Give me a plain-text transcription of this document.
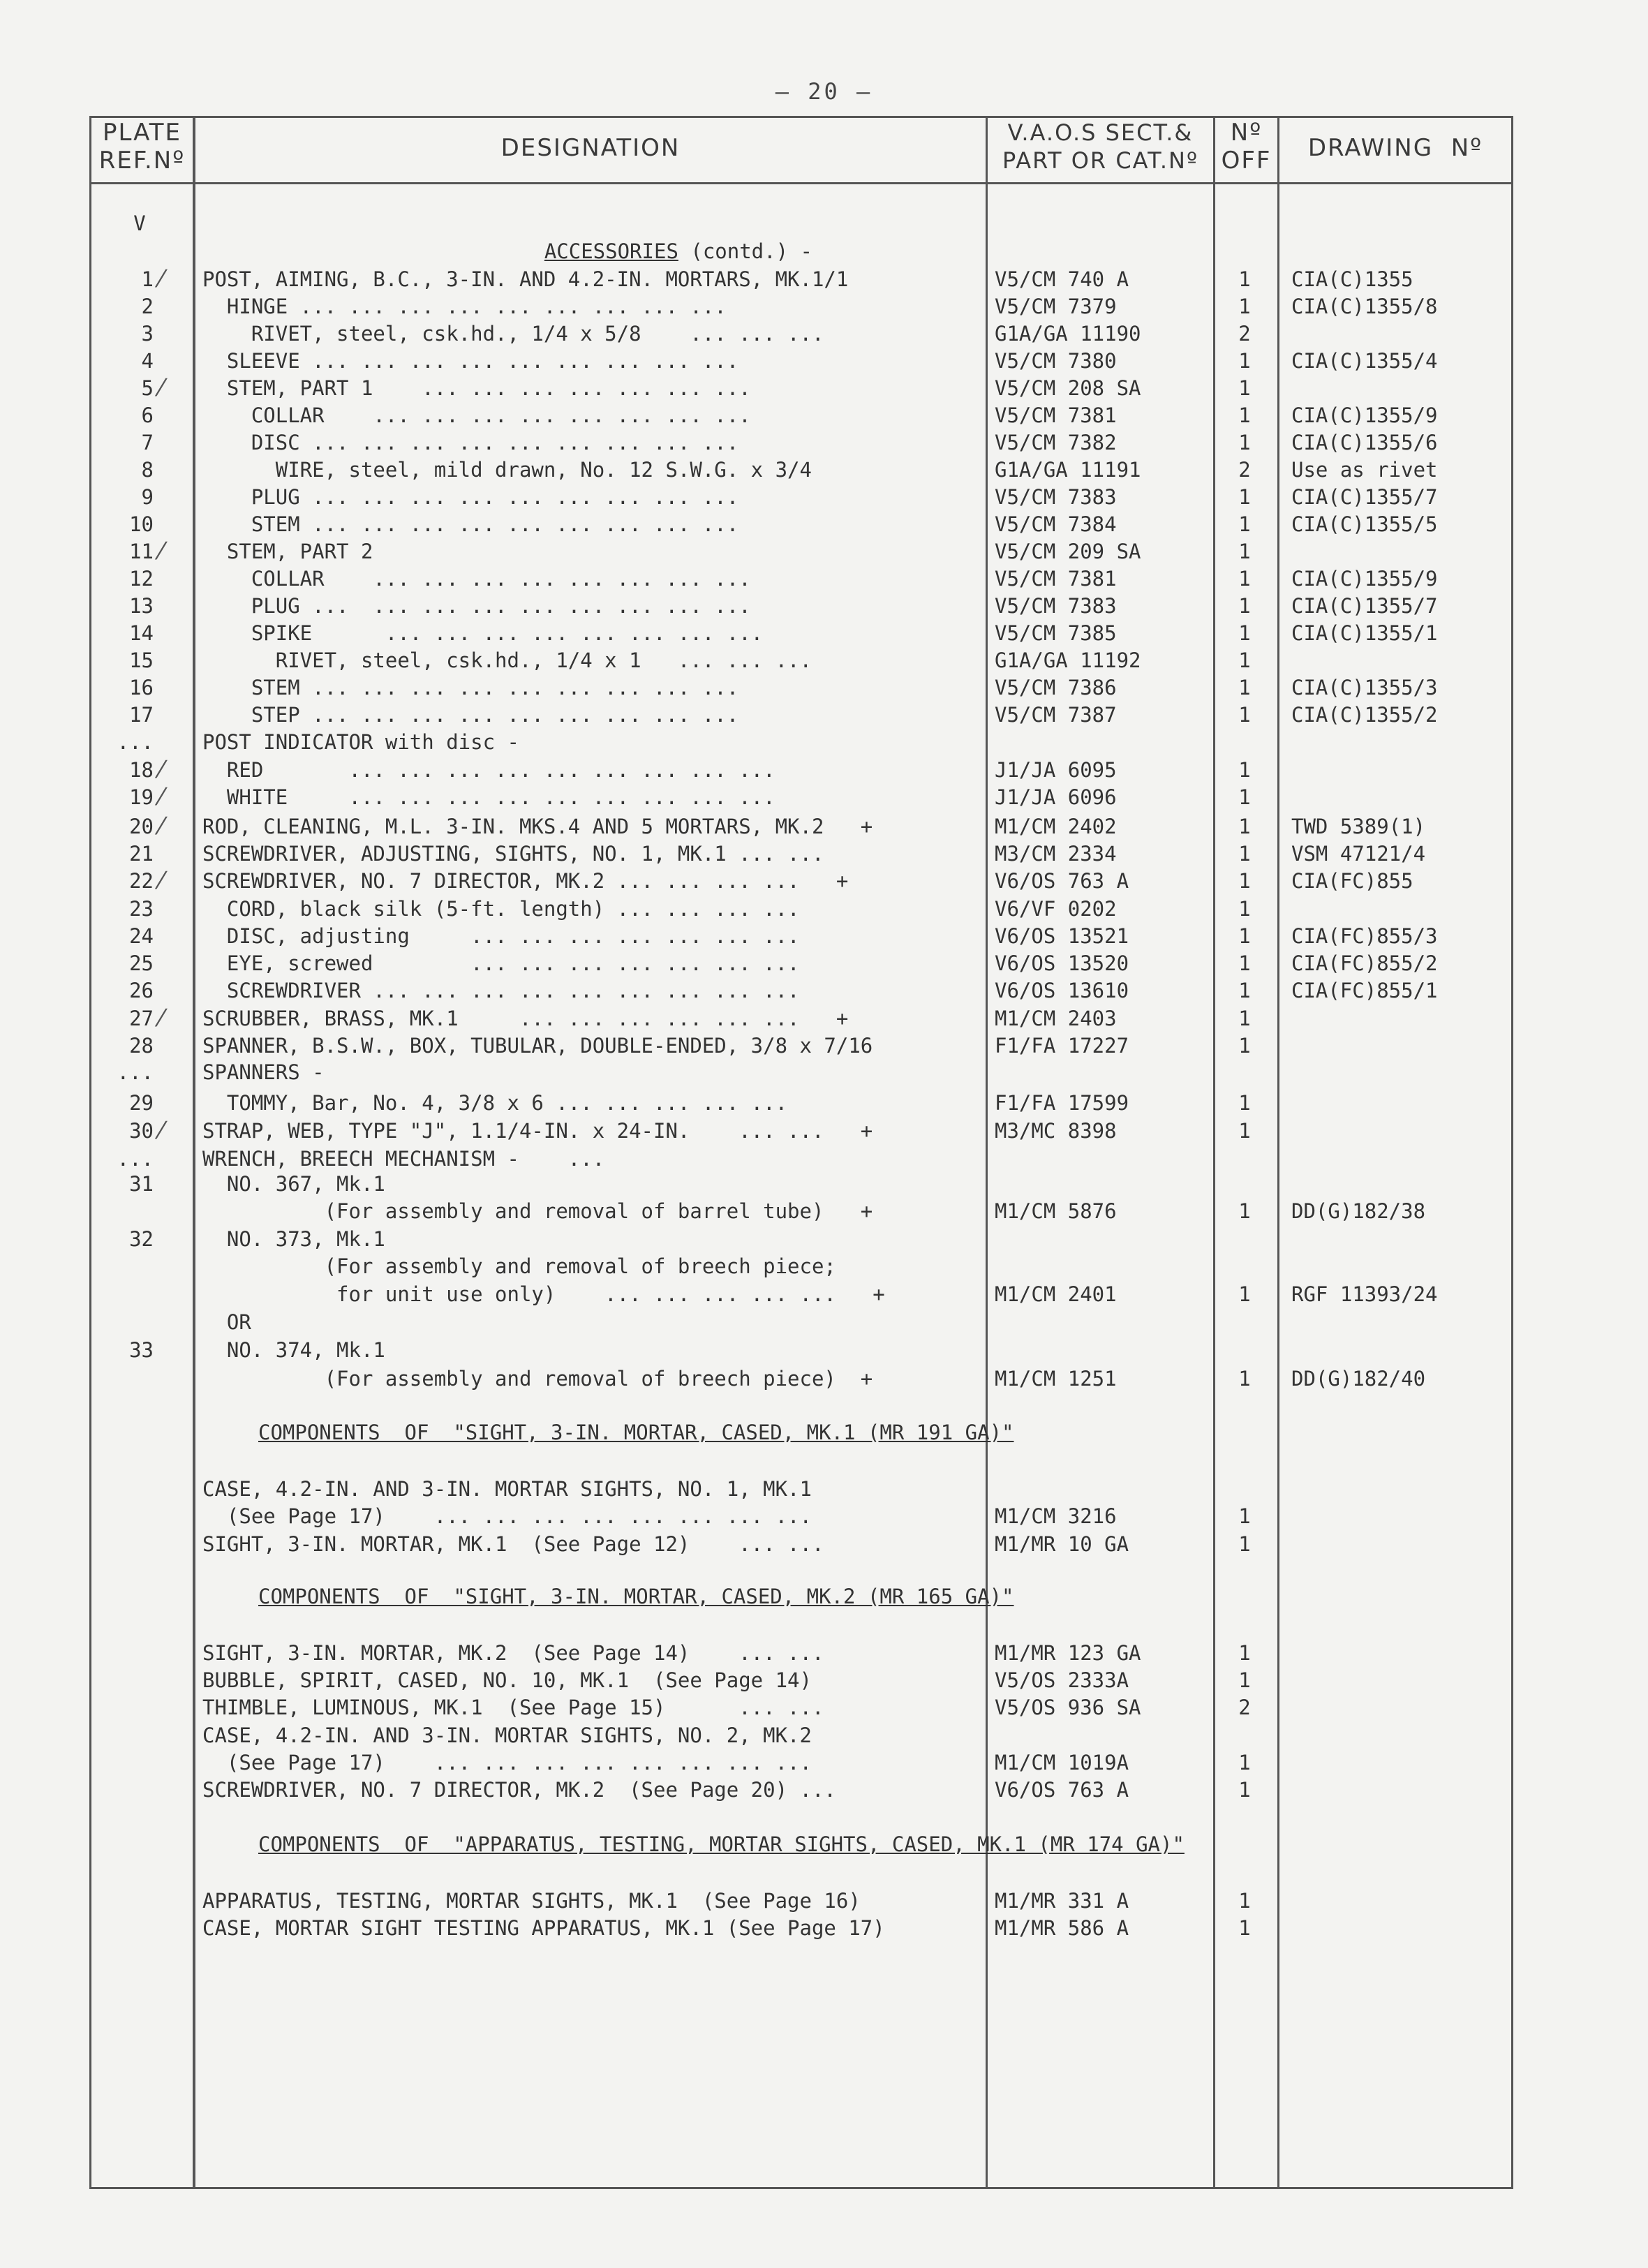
— 20 —
PLATE
REF.Nº	DESIGNATION
V.A.O.S SECT.&
PART OR CAT.Nº
Nº
OFF	DRAWING  Nº

V

ACCESSORIES (contd.) -

1 ⁄ POST, AIMING, B.C., 3-IN. AND 4.2-IN. MORTARS, MK.1/1	V5/CM 740 A	1	CIA(C)1355
2 HINGE ... ... ... ... ... ... ... ... ...	V5/CM 7379	1	CIA(C)1355/8
3 RIVET, steel, csk.hd., 1/4 x 5/8    ... ... ...	G1A/GA 11190	2
4 SLEEVE ... ... ... ... ... ... ... ... ...	V5/CM 7380	1	CIA(C)1355/4
5 ⁄ STEM, PART 1    ... ... ... ... ... ... ...	V5/CM 208 SA	1
6 COLLAR    ... ... ... ... ... ... ... ...	V5/CM 7381	1	CIA(C)1355/9
7 DISC ... ... ... ... ... ... ... ... ...	V5/CM 7382	1	CIA(C)1355/6
8 WIRE, steel, mild drawn, No. 12 S.W.G. x 3/4	G1A/GA 11191	2	Use as rivet
9 PLUG ... ... ... ... ... ... ... ... ...	V5/CM 7383	1	CIA(C)1355/7
10 STEM ... ... ... ... ... ... ... ... ...	V5/CM 7384	1	CIA(C)1355/5
11 ⁄ STEM, PART 2	V5/CM 209 SA	1
12 COLLAR    ... ... ... ... ... ... ... ...	V5/CM 7381	1	CIA(C)1355/9
13 PLUG ...  ... ... ... ... ... ... ... ...	V5/CM 7383	1	CIA(C)1355/7
14 SPIKE      ... ... ... ... ... ... ... ...	V5/CM 7385	1	CIA(C)1355/1
15 RIVET, steel, csk.hd., 1/4 x 1   ... ... ...	G1A/GA 11192	1
16 STEM ... ... ... ... ... ... ... ... ...	V5/CM 7386	1	CIA(C)1355/3
17 STEP ... ... ... ... ... ... ... ... ...	V5/CM 7387	1	CIA(C)1355/2
... POST INDICATOR with disc -
18 ⁄ RED       ... ... ... ... ... ... ... ... ...	J1/JA 6095	1
19 ⁄ WHITE     ... ... ... ... ... ... ... ... ...	J1/JA 6096	1
20 ⁄ ROD, CLEANING, M.L. 3-IN. MKS.4 AND 5 MORTARS, MK.2   +	M1/CM 2402	1	TWD 5389(1)
21 SCREWDRIVER, ADJUSTING, SIGHTS, NO. 1, MK.1 ... ...	M3/CM 2334	1	VSM 47121/4
22 ⁄ SCREWDRIVER, NO. 7 DIRECTOR, MK.2 ... ... ... ...   +	V6/OS 763 A	1	CIA(FC)855
23 CORD, black silk (5-ft. length) ... ... ... ...	V6/VF 0202	1
24 DISC, adjusting     ... ... ... ... ... ... ...	V6/OS 13521	1	CIA(FC)855/3
25 EYE, screwed        ... ... ... ... ... ... ...	V6/OS 13520	1	CIA(FC)855/2
26 SCREWDRIVER ... ... ... ... ... ... ... ... ...	V6/OS 13610	1	CIA(FC)855/1
27 ⁄ SCRUBBER, BRASS, MK.1     ... ... ... ... ... ...   +	M1/CM 2403	1
28 SPANNER, B.S.W., BOX, TUBULAR, DOUBLE-ENDED, 3/8 x 7/16	F1/FA 17227	1
... SPANNERS -
29 TOMMY, Bar, No. 4, 3/8 x 6 ... ... ... ... ...	F1/FA 17599	1
30 ⁄ STRAP, WEB, TYPE "J", 1.1/4-IN. x 24-IN.    ... ...   +	M3/MC 8398	1
... WRENCH, BREECH MECHANISM -    ...
31 NO. 367, Mk.1
(For assembly and removal of barrel tube)   +	M1/CM 5876	1	DD(G)182/38
32 NO. 373, Mk.1
(For assembly and removal of breech piece;
for unit use only)    ... ... ... ... ...   +	M1/CM 2401	1	RGF 11393/24
OR
33 NO. 374, Mk.1
(For assembly and removal of breech piece)  +	M1/CM 1251	1	DD(G)182/40
COMPONENTS  OF  "SIGHT, 3-IN. MORTAR, CASED, MK.1 (MR 191 GA)"
CASE, 4.2-IN. AND 3-IN. MORTAR SIGHTS, NO. 1, MK.1
(See Page 17)    ... ... ... ... ... ... ... ...	M1/CM 3216	1
SIGHT, 3-IN. MORTAR, MK.1  (See Page 12)    ... ...	M1/MR 10 GA	1
COMPONENTS  OF  "SIGHT, 3-IN. MORTAR, CASED, MK.2 (MR 165 GA)"
SIGHT, 3-IN. MORTAR, MK.2  (See Page 14)    ... ...	M1/MR 123 GA	1
BUBBLE, SPIRIT, CASED, NO. 10, MK.1  (See Page 14)	V5/OS 2333A	1
THIMBLE, LUMINOUS, MK.1  (See Page 15)      ... ...	V5/OS 936 SA	2
CASE, 4.2-IN. AND 3-IN. MORTAR SIGHTS, NO. 2, MK.2
(See Page 17)    ... ... ... ... ... ... ... ...	M1/CM 1019A	1
SCREWDRIVER, NO. 7 DIRECTOR, MK.2  (See Page 20) ...	V6/OS 763 A	1
COMPONENTS  OF  "APPARATUS, TESTING, MORTAR SIGHTS, CASED, MK.1 (MR 174 GA)"
APPARATUS, TESTING, MORTAR SIGHTS, MK.1  (See Page 16)	M1/MR 331 A	1
CASE, MORTAR SIGHT TESTING APPARATUS, MK.1 (See Page 17)	M1/MR 586 A	1
